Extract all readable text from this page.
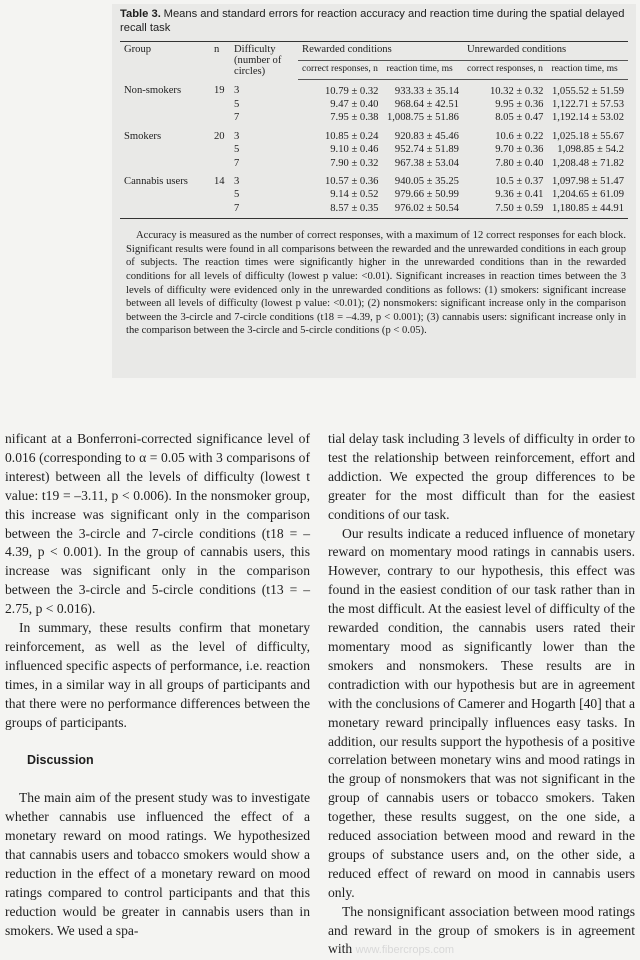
Table 3. Means and standard errors for reaction accuracy and reaction time during the spatial delayed recall task

Group	n	Difficulty (number of circles)	Rewarded conditions		Unrewarded conditions	
			correct responses, n	reaction time, ms	correct responses, n	reaction time, ms
Non-smokers	19	3	10.79 ± 0.32	933.33 ± 35.14	10.32 ± 0.32	1,055.52 ± 51.59
		5	9.47 ± 0.40	968.64 ± 42.51	9.95 ± 0.36	1,122.71 ± 57.53
		7	7.95 ± 0.38	1,008.75 ± 51.86	8.05 ± 0.47	1,192.14 ± 53.02
Smokers	20	3	10.85 ± 0.24	920.83 ± 45.46	10.6 ± 0.22	1,025.18 ± 55.67
		5	9.10 ± 0.46	952.74 ± 51.89	9.70 ± 0.36	1,098.85 ± 54.2
		7	7.90 ± 0.32	967.38 ± 53.04	7.80 ± 0.40	1,208.48 ± 71.82
Cannabis users	14	3	10.57 ± 0.36	940.05 ± 35.25	10.5 ± 0.37	1,097.98 ± 51.47
		5	9.14 ± 0.52	979.66 ± 50.99	9.36 ± 0.41	1,204.65 ± 61.09
		7	8.57 ± 0.35	976.02 ± 50.54	7.50 ± 0.59	1,180.85 ± 44.91

Accuracy is measured as the number of correct responses, with a maximum of 12 correct responses for each block. Significant results were found in all comparisons between the rewarded and the unrewarded conditions in each group of subjects. The reaction times were significantly higher in the unrewarded conditions than in the rewarded conditions for all levels of difficulty (lowest p value: <0.01). Significant increases in reaction times between the 3 levels of difficulty were evidenced only in the unrewarded conditions as follows: (1) smokers: significant increase between all levels of difficulty (lowest p value: <0.01); (2) nonsmokers: significant increase only in the comparison between the 3-circle and 7-circle conditions (t18 = –4.39, p < 0.001); (3) cannabis users: significant increase only in the comparison between the 3-circle and 5-circle conditions (p < 0.05).

nificant at a Bonferroni-corrected significance level of 0.016 (corresponding to α = 0.05 with 3 comparisons of interest) between all the levels of difficulty (lowest t value: t19 = –3.11, p < 0.006). In the nonsmoker group, this increase was significant only in the comparison between the 3-circle and 7-circle conditions (t18 = –4.39, p < 0.001). In the group of cannabis users, this increase was significant only in the comparison between the 3-circle and 5-circle conditions (t13 = –2.75, p < 0.016).

In summary, these results confirm that monetary reinforcement, as well as the level of difficulty, influenced specific aspects of performance, i.e. reaction times, in a similar way in all groups of participants and that there were no performance differences between the groups of participants.

Discussion

The main aim of the present study was to investigate whether cannabis use influenced the effect of a monetary reward on mood ratings. We hypothesized that cannabis users and tobacco smokers would show a reduction in the effect of a monetary reward on mood ratings compared to control participants and that this reduction would be greater in cannabis users than in smokers. We used a spa-

tial delay task including 3 levels of difficulty in order to test the relationship between reinforcement, effort and addiction. We expected the group differences to be greater for the most difficult than for the easiest conditions of our task.

Our results indicate a reduced influence of monetary reward on momentary mood ratings in cannabis users. However, contrary to our hypothesis, this effect was found in the easiest condition of our task rather than in the most difficult. At the easiest level of difficulty of the rewarded condition, the cannabis users rated their momentary mood as significantly lower than the smokers and nonsmokers. These results are in contradiction with our hypothesis but are in agreement with the conclusions of Camerer and Hogarth [40] that a monetary reward principally influences easy tasks. In addition, our results support the hypothesis of a positive correlation between monetary wins and mood ratings in the group of nonsmokers that was not significant in the group of cannabis users or tobacco smokers. Taken together, these results suggest, on the one side, a reduced association between mood and reward in the groups of substance users and, on the other side, a reduced effect of reward on mood in cannabis users only.

The nonsignificant association between mood ratings and reward in the group of smokers is in agreement with www.fibercrops.com
